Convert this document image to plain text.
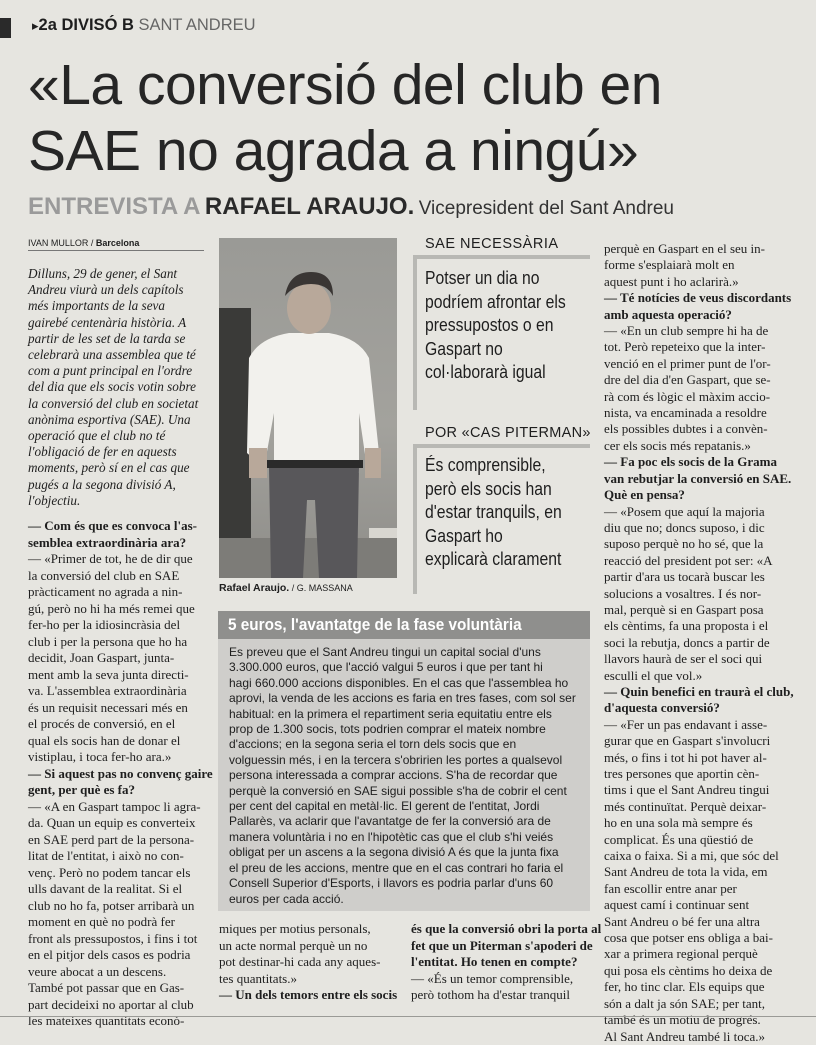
▸2a DIVISÓ B SANT ANDREU
«La conversió del club en
SAE no agrada a ningú»
ENTREVISTA A RAFAEL ARAUJO. Vicepresident del Sant Andreu
IVAN MULLOR / Barcelona
Dilluns, 29 de gener, el Sant
Andreu viurà un dels capítols
més importants de la seva
gairebé centenària història. A
partir de les set de la tarda se
celebrarà una assemblea que té
com a punt principal en l'ordre
del dia que els socis votin sobre
la conversió del club en societat
anònima esportiva (SAE). Una
operació que el club no té
l'obligació de fer en aquests
moments, però sí en el cas que
pugés a la segona divisió A,
l'objectiu.
— Com és que es convoca l'as-
semblea extraordinària ara?
— «Primer de tot, he de dir que
la conversió del club en SAE
pràcticament no agrada a nin-
gú, però no hi ha més remei que
fer-ho per la idiosincràsia del
club i per la persona que ho ha
decidit, Joan Gaspart, junta-
ment amb la seva junta directi-
va. L'assemblea extraordinària
és un requisit necessari més en
el procés de conversió, en el
qual els socis han de donar el
vistiplau, i toca fer-ho ara.»
— Si aquest pas no convenç gaire
gent, per què es fa?
— «A en Gaspart tampoc li agra-
da. Quan un equip es converteix
en SAE perd part de la persona-
litat de l'entitat, i això no con-
venç. Però no podem tancar els
ulls davant de la realitat. Si el
club no ho fa, potser arribarà un
moment en què no podrà fer
front als pressupostos, i fins i tot
en el pitjor dels casos es podria
veure abocat a un descens.
També pot passar que en Gas-
part decideixi no aportar al club
les mateixes quantitats econò-
Rafael Araujo. / G. MASSANA
SAE NECESSÀRIA
Potser un dia no
podríem afrontar els
pressupostos o en
Gaspart no
col·laborarà igual
POR «CAS PITERMAN»
És comprensible,
però els socis han
d'estar tranquils, en
Gaspart ho
explicarà clarament
5 euros, l'avantatge de la fase voluntària
Es preveu que el Sant Andreu tingui un capital social d'uns
3.300.000 euros, que l'acció valgui 5 euros i que per tant hi
hagi 660.000 accions disponibles. En el cas que l'assemblea ho
aprovi, la venda de les accions es faria en tres fases, com sol ser
habitual: en la primera el repartiment seria equitatiu entre els
prop de 1.300 socis, tots podrien comprar el mateix nombre
d'accions; en la segona seria el torn dels socis que en
volguessin més, i en la tercera s'obririen les portes a qualsevol
persona interessada a comprar accions. S'ha de recordar que
perquè la conversió en SAE sigui possible s'ha de cobrir el cent
per cent del capital en metàl·lic. El gerent de l'entitat, Jordi
Pallarès, va aclarir que l'avantatge de fer la conversió ara de
manera voluntària i no en l'hipotètic cas que el club s'hi veiés
obligat per un ascens a la segona divisió A és que la junta fixa
el preu de les accions, mentre que en el cas contrari ho faria el
Consell Superior d'Esports, i llavors es podria parlar d'uns 60
euros per cada acció.
miques per motius personals,
un acte normal perquè un no
pot destinar-hi cada any aques-
tes quantitats.»
— Un dels temors entre els socis
és que la conversió obri la porta al
fet que un Piterman s'apoderi de
l'entitat. Ho tenen en compte?
— «És un temor comprensible,
però tothom ha d'estar tranquil
perquè en Gaspart en el seu in-
forme s'esplaiarà molt en
aquest punt i ho aclarirà.»
— Té notícies de veus discordants
amb aquesta operació?
— «En un club sempre hi ha de
tot. Però repeteixo que la inter-
venció en el primer punt de l'or-
dre del dia d'en Gaspart, que se-
rà com és lògic el màxim accio-
nista, va encaminada a resoldre
els possibles dubtes i a convèn-
cer els socis més repatanis.»
— Fa poc els socis de la Grama
van rebutjar la conversió en SAE.
Què en pensa?
— «Posem que aquí la majoria
diu que no; doncs suposo, i dic
suposo perquè no ho sé, que la
reacció del president pot ser: «A
partir d'ara us tocarà buscar les
solucions a vosaltres. I és nor-
mal, perquè si en Gaspart posa
els cèntims, fa una proposta i el
soci la rebutja, doncs a partir de
llavors haurà de ser el soci qui
esculli el que vol.»
— Quin benefici en traurà el club,
d'aquesta conversió?
— «Fer un pas endavant i asse-
gurar que en Gaspart s'involucri
més, o fins i tot hi pot haver al-
tres persones que aportin cèn-
tims i que el Sant Andreu tingui
més continuïtat. Perquè deixar-
ho en una sola mà sempre és
complicat. És una qüestió de
caixa o faixa. Si a mi, que sóc del
Sant Andreu de tota la vida, em
fan escollir entre anar per
aquest camí i continuar sent
Sant Andreu o bé fer una altra
cosa que potser ens obliga a bai-
xar a primera regional perquè
qui posa els cèntims ho deixa de
fer, ho tinc clar. Els equips que
són a dalt ja són SAE; per tant,
també és un motiu de progrés.
Al Sant Andreu també li toca.»
